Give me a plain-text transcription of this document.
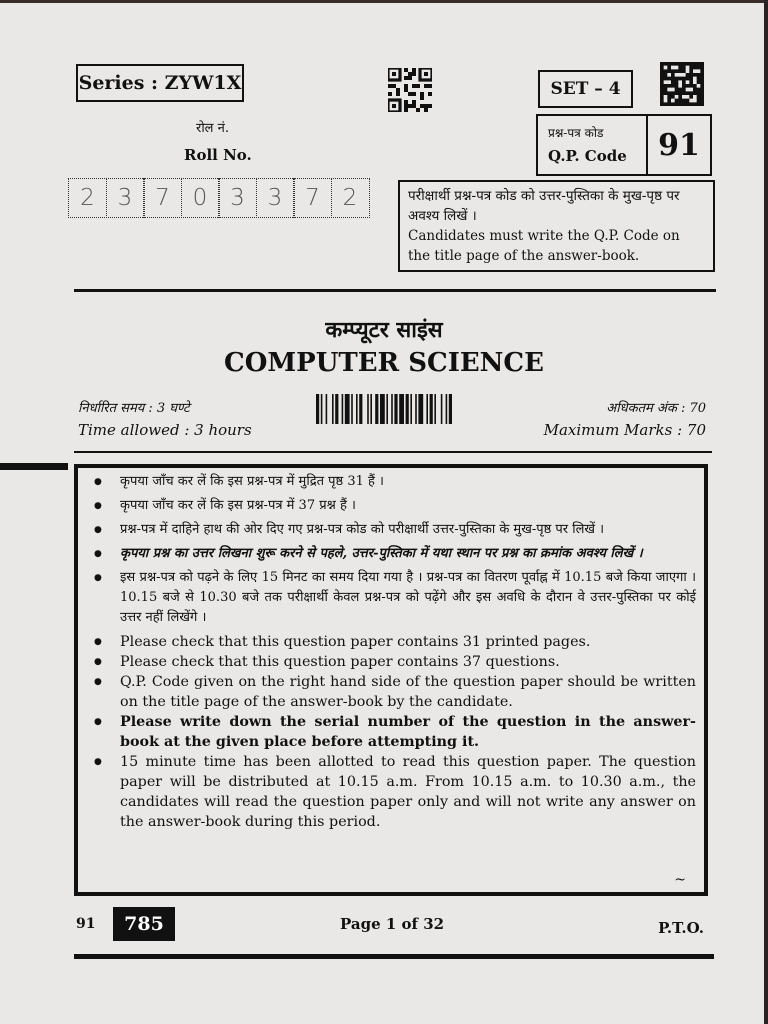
Series : ZYW1X
रोल नं.
Roll No.
2 3 7 0 3 3 7 2
SET – 4
प्रश्न-पत्र कोड
Q.P. Code	91
परीक्षार्थी प्रश्न-पत्र कोड को उत्तर-पुस्तिका के मुख-पृष्ठ पर अवश्य लिखें ।
Candidates must write the Q.P. Code on the title page of the answer-book.
कम्प्यूटर साइंस
COMPUTER SCIENCE
निर्धारित समय : 3 घण्टे
Time allowed : 3 hours
अधिकतम अंक : 70
Maximum Marks : 70
● कृपया जाँच कर लें कि इस प्रश्न-पत्र में मुद्रित पृष्ठ 31 हैं ।
● कृपया जाँच कर लें कि इस प्रश्न-पत्र में 37 प्रश्न हैं ।
● प्रश्न-पत्र में दाहिने हाथ की ओर दिए गए प्रश्न-पत्र कोड को परीक्षार्थी उत्तर-पुस्तिका के मुख-पृष्ठ पर लिखें ।
● कृपया प्रश्न का उत्तर लिखना शुरू करने से पहले, उत्तर-पुस्तिका में यथा स्थान पर प्रश्न का क्रमांक अवश्य लिखें ।
● इस प्रश्न-पत्र को पढ़ने के लिए 15 मिनट का समय दिया गया है । प्रश्न-पत्र का वितरण पूर्वाह्न में 10.15 बजे किया जाएगा । 10.15 बजे से 10.30 बजे तक परीक्षार्थी केवल प्रश्न-पत्र को पढ़ेंगे और इस अवधि के दौरान वे उत्तर-पुस्तिका पर कोई उत्तर नहीं लिखेंगे ।
● Please check that this question paper contains 31 printed pages.
● Please check that this question paper contains 37 questions.
● Q.P. Code given on the right hand side of the question paper should be written on the title page of the answer-book by the candidate.
● Please write down the serial number of the question in the answer-book at the given place before attempting it.
● 15 minute time has been allotted to read this question paper. The question paper will be distributed at 10.15 a.m. From 10.15 a.m. to 10.30 a.m., the candidates will read the question paper only and will not write any answer on the answer-book during this period.
~
91	785	Page 1 of 32	P.T.O.
